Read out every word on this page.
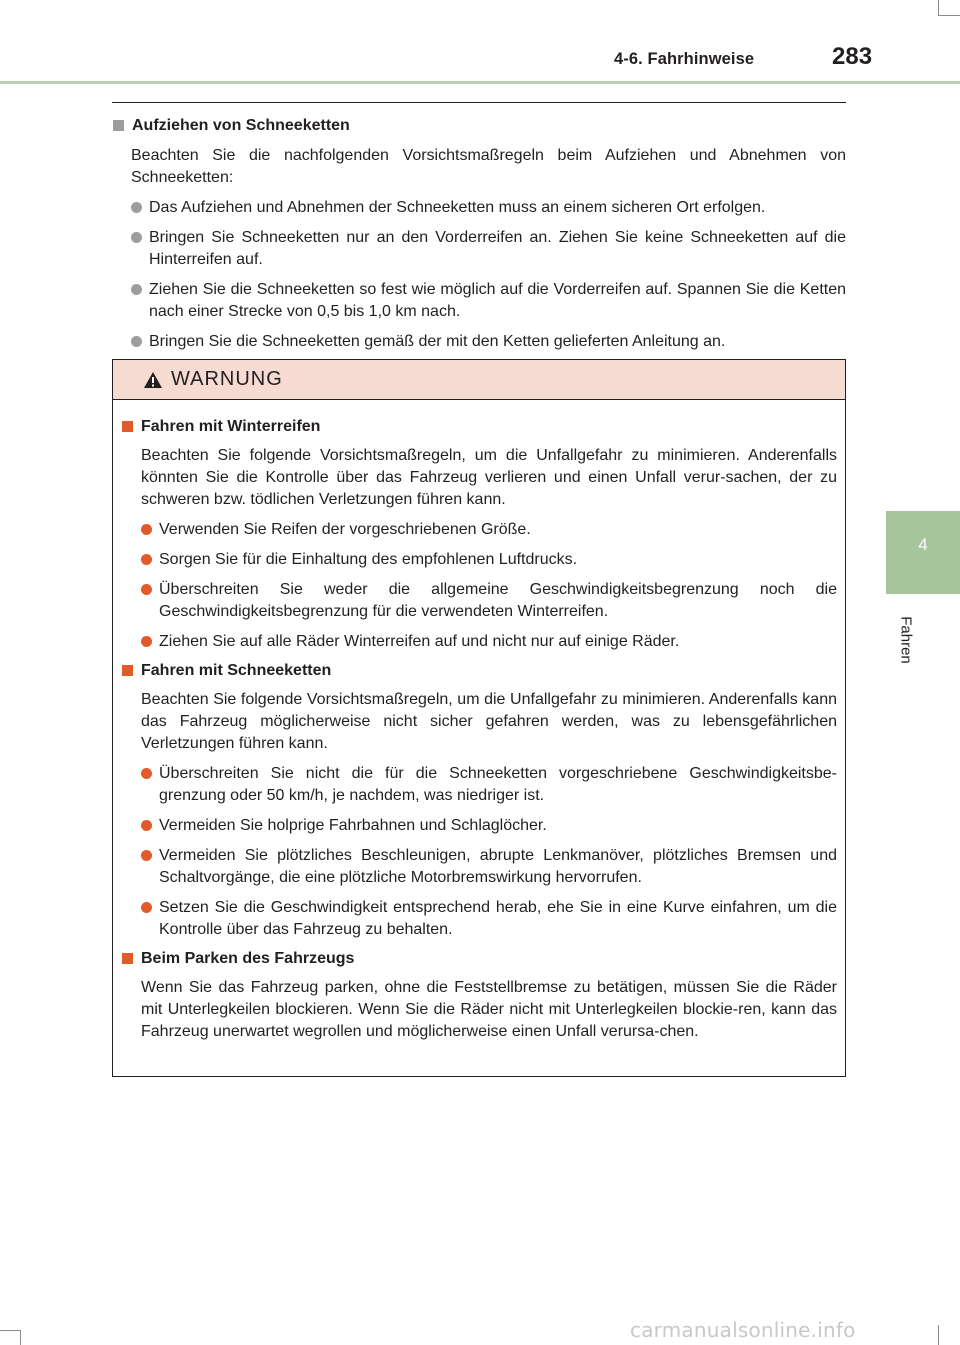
4-6. Fahrhinweise	283
4
Fahren
Aufziehen von Schneeketten
Beachten Sie die nachfolgenden Vorsichtsmaßregeln beim Aufziehen und Abnehmen von Schneeketten:
Das Aufziehen und Abnehmen der Schneeketten muss an einem sicheren Ort erfolgen.
Bringen Sie Schneeketten nur an den Vorderreifen an. Ziehen Sie keine Schneeketten auf die Hinterreifen auf.
Ziehen Sie die Schneeketten so fest wie möglich auf die Vorderreifen auf. Spannen Sie die Ketten nach einer Strecke von 0,5 bis 1,0 km nach.
Bringen Sie die Schneeketten gemäß der mit den Ketten gelieferten Anleitung an.
WARNUNG
Fahren mit Winterreifen
Beachten Sie folgende Vorsichtsmaßregeln, um die Unfallgefahr zu minimieren. Anderenfalls könnten Sie die Kontrolle über das Fahrzeug verlieren und einen Unfall verur-sachen, der zu schweren bzw. tödlichen Verletzungen führen kann.
Verwenden Sie Reifen der vorgeschriebenen Größe.
Sorgen Sie für die Einhaltung des empfohlenen Luftdrucks.
Überschreiten Sie weder die allgemeine Geschwindigkeitsbegrenzung noch die Geschwindigkeitsbegrenzung für die verwendeten Winterreifen.
Ziehen Sie auf alle Räder Winterreifen auf und nicht nur auf einige Räder.
Fahren mit Schneeketten
Beachten Sie folgende Vorsichtsmaßregeln, um die Unfallgefahr zu minimieren. Anderenfalls kann das Fahrzeug möglicherweise nicht sicher gefahren werden, was zu lebensgefährlichen Verletzungen führen kann.
Überschreiten Sie nicht die für die Schneeketten vorgeschriebene Geschwindigkeitsbe-grenzung oder 50 km/h, je nachdem, was niedriger ist.
Vermeiden Sie holprige Fahrbahnen und Schlaglöcher.
Vermeiden Sie plötzliches Beschleunigen, abrupte Lenkmanöver, plötzliches Bremsen und Schaltvorgänge, die eine plötzliche Motorbremswirkung hervorrufen.
Setzen Sie die Geschwindigkeit entsprechend herab, ehe Sie in eine Kurve einfahren, um die Kontrolle über das Fahrzeug zu behalten.
Beim Parken des Fahrzeugs
Wenn Sie das Fahrzeug parken, ohne die Feststellbremse zu betätigen, müssen Sie die Räder mit Unterlegkeilen blockieren. Wenn Sie die Räder nicht mit Unterlegkeilen blockie-ren, kann das Fahrzeug unerwartet wegrollen und möglicherweise einen Unfall verursa-chen.
carmanualsonline.info
